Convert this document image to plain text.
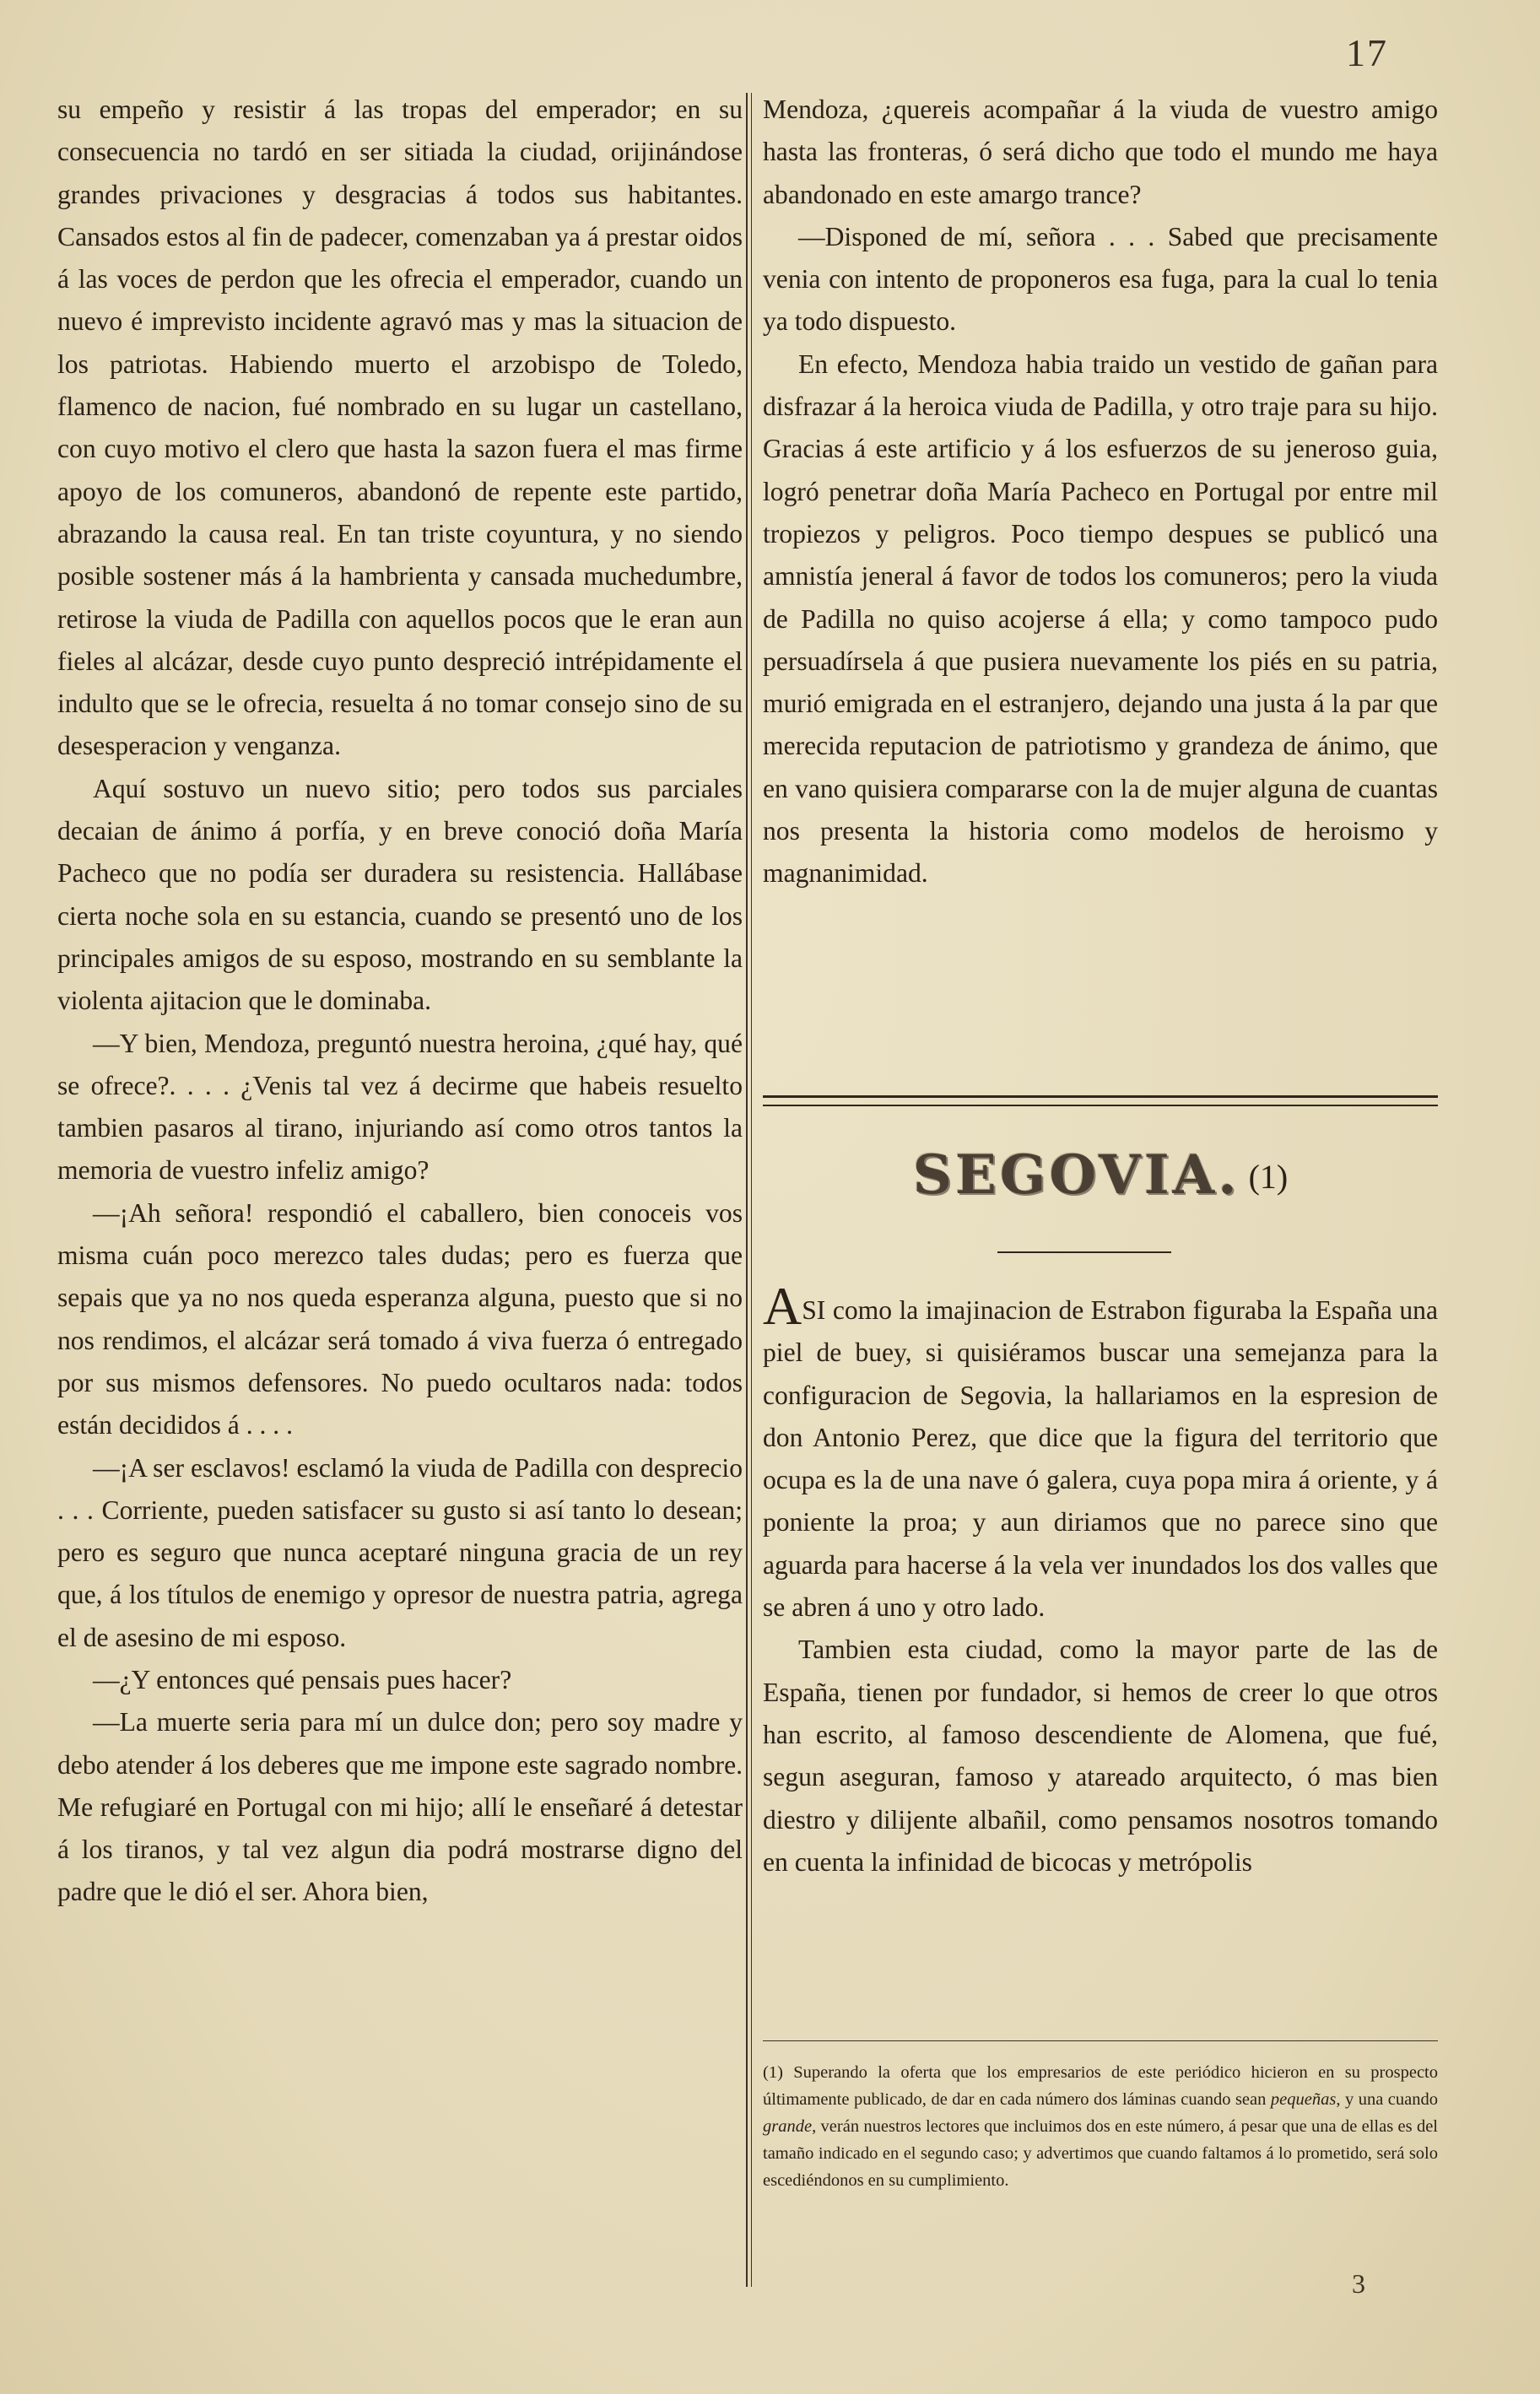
17

su empeño y resistir á las tropas del emperador; en su consecuencia no tardó en ser sitiada la ciudad, orijinándose grandes privaciones y desgracias á todos sus habitantes. Cansados estos al fin de padecer, comenzaban ya á prestar oidos á las voces de perdon que les ofrecia el emperador, cuando un nuevo é imprevisto incidente agravó mas y mas la situacion de los patriotas. Habiendo muerto el arzobispo de Toledo, flamenco de nacion, fué nombrado en su lugar un castellano, con cuyo motivo el clero que hasta la sazon fuera el mas firme apoyo de los comuneros, abandonó de repente este partido, abrazando la causa real. En tan triste coyuntura, y no siendo posible sostener más á la hambrienta y cansada muchedumbre, retirose la viuda de Padilla con aquellos pocos que le eran aun fieles al alcázar, desde cuyo punto despreció intrépidamente el indulto que se le ofrecia, resuelta á no tomar consejo sino de su desesperacion y venganza.

Aquí sostuvo un nuevo sitio; pero todos sus parciales decaian de ánimo á porfía, y en breve conoció doña María Pacheco que no podía ser duradera su resistencia. Hallábase cierta noche sola en su estancia, cuando se presentó uno de los principales amigos de su esposo, mostrando en su semblante la violenta ajitacion que le dominaba.

—Y bien, Mendoza, preguntó nuestra heroina, ¿qué hay, qué se ofrece?. . . . ¿Venis tal vez á decirme que habeis resuelto tambien pasaros al tirano, injuriando así como otros tantos la memoria de vuestro infeliz amigo?

—¡Ah señora! respondió el caballero, bien conoceis vos misma cuán poco merezco tales dudas; pero es fuerza que sepais que ya no nos queda esperanza alguna, puesto que si no nos rendimos, el alcázar será tomado á viva fuerza ó entregado por sus mismos defensores. No puedo ocultaros nada: todos están decididos á . . . .

—¡A ser esclavos! esclamó la viuda de Padilla con desprecio . . . Corriente, pueden satisfacer su gusto si así tanto lo desean; pero es seguro que nunca aceptaré ninguna gracia de un rey que, á los títulos de enemigo y opresor de nuestra patria, agrega el de asesino de mi esposo.

—¿Y entonces qué pensais pues hacer?

—La muerte seria para mí un dulce don; pero soy madre y debo atender á los deberes que me impone este sagrado nombre. Me refugiaré en Portugal con mi hijo; allí le enseñaré á detestar á los tiranos, y tal vez algun dia podrá mostrarse digno del padre que le dió el ser. Ahora bien,

Mendoza, ¿quereis acompañar á la viuda de vuestro amigo hasta las fronteras, ó será dicho que todo el mundo me haya abandonado en este amargo trance?

—Disponed de mí, señora . . . Sabed que precisamente venia con intento de proponeros esa fuga, para la cual lo tenia ya todo dispuesto.

En efecto, Mendoza habia traido un vestido de gañan para disfrazar á la heroica viuda de Padilla, y otro traje para su hijo. Gracias á este artificio y á los esfuerzos de su jeneroso guia, logró penetrar doña María Pacheco en Portugal por entre mil tropiezos y peligros. Poco tiempo despues se publicó una amnistía jeneral á favor de todos los comuneros; pero la viuda de Padilla no quiso acojerse á ella; y como tampoco pudo persuadírsela á que pusiera nuevamente los piés en su patria, murió emigrada en el estranjero, dejando una justa á la par que merecida reputacion de patriotismo y grandeza de ánimo, que en vano quisiera compararse con la de mujer alguna de cuantas nos presenta la historia como modelos de heroismo y magnanimidad.

SEGOVIA. (1)

ASI como la imajinacion de Estrabon figuraba la España una piel de buey, si quisiéramos buscar una semejanza para la configuracion de Segovia, la hallariamos en la espresion de don Antonio Perez, que dice que la figura del territorio que ocupa es la de una nave ó galera, cuya popa mira á oriente, y á poniente la proa; y aun diriamos que no parece sino que aguarda para hacerse á la vela ver inundados los dos valles que se abren á uno y otro lado.

Tambien esta ciudad, como la mayor parte de las de España, tienen por fundador, si hemos de creer lo que otros han escrito, al famoso descendiente de Alomena, que fué, segun aseguran, famoso y atareado arquitecto, ó mas bien diestro y dilijente albañil, como pensamos nosotros tomando en cuenta la infinidad de bicocas y metrópolis

(1) Superando la oferta que los empresarios de este periódico hicieron en su prospecto últimamente publicado, de dar en cada número dos láminas cuando sean pequeñas, y una cuando grande, verán nuestros lectores que incluimos dos en este número, á pesar que una de ellas es del tamaño indicado en el segundo caso; y advertimos que cuando faltamos á lo prometido, será solo escediéndonos en su cumplimiento.
3
